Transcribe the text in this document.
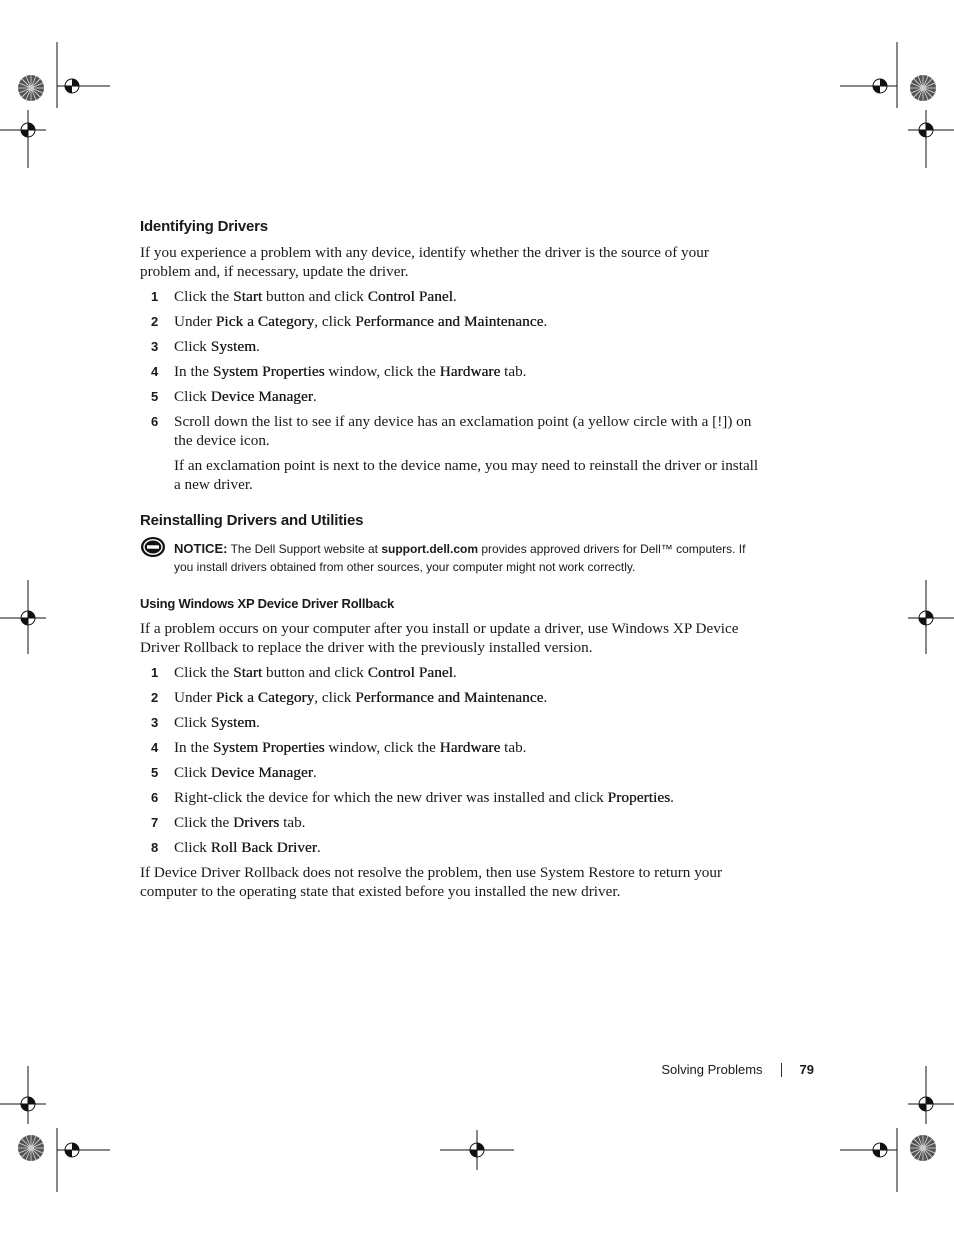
Identifying Drivers

If you experience a problem with any device, identify whether the driver is the source of your problem and, if necessary, update the driver.

1 Click the Start button and click Control Panel.
2 Under Pick a Category, click Performance and Maintenance.
3 Click System.
4 In the System Properties window, click the Hardware tab.
5 Click Device Manager.
6 Scroll down the list to see if any device has an exclamation point (a yellow circle with a [!]) on the device icon.
If an exclamation point is next to the device name, you may need to reinstall the driver or install a new driver.
Reinstalling Drivers and Utilities
NOTICE: The Dell Support website at support.dell.com provides approved drivers for Dell™ computers. If you install drivers obtained from other sources, your computer might not work correctly.
Using Windows XP Device Driver Rollback

If a problem occurs on your computer after you install or update a driver, use Windows XP Device Driver Rollback to replace the driver with the previously installed version.

1 Click the Start button and click Control Panel.
2 Under Pick a Category, click Performance and Maintenance.
3 Click System.
4 In the System Properties window, click the Hardware tab.
5 Click Device Manager.
6 Right-click the device for which the new driver was installed and click Properties.
7 Click the Drivers tab.
8 Click Roll Back Driver.

If Device Driver Rollback does not resolve the problem, then use System Restore to return your computer to the operating state that existed before you installed the new driver.

Solving Problems	79
